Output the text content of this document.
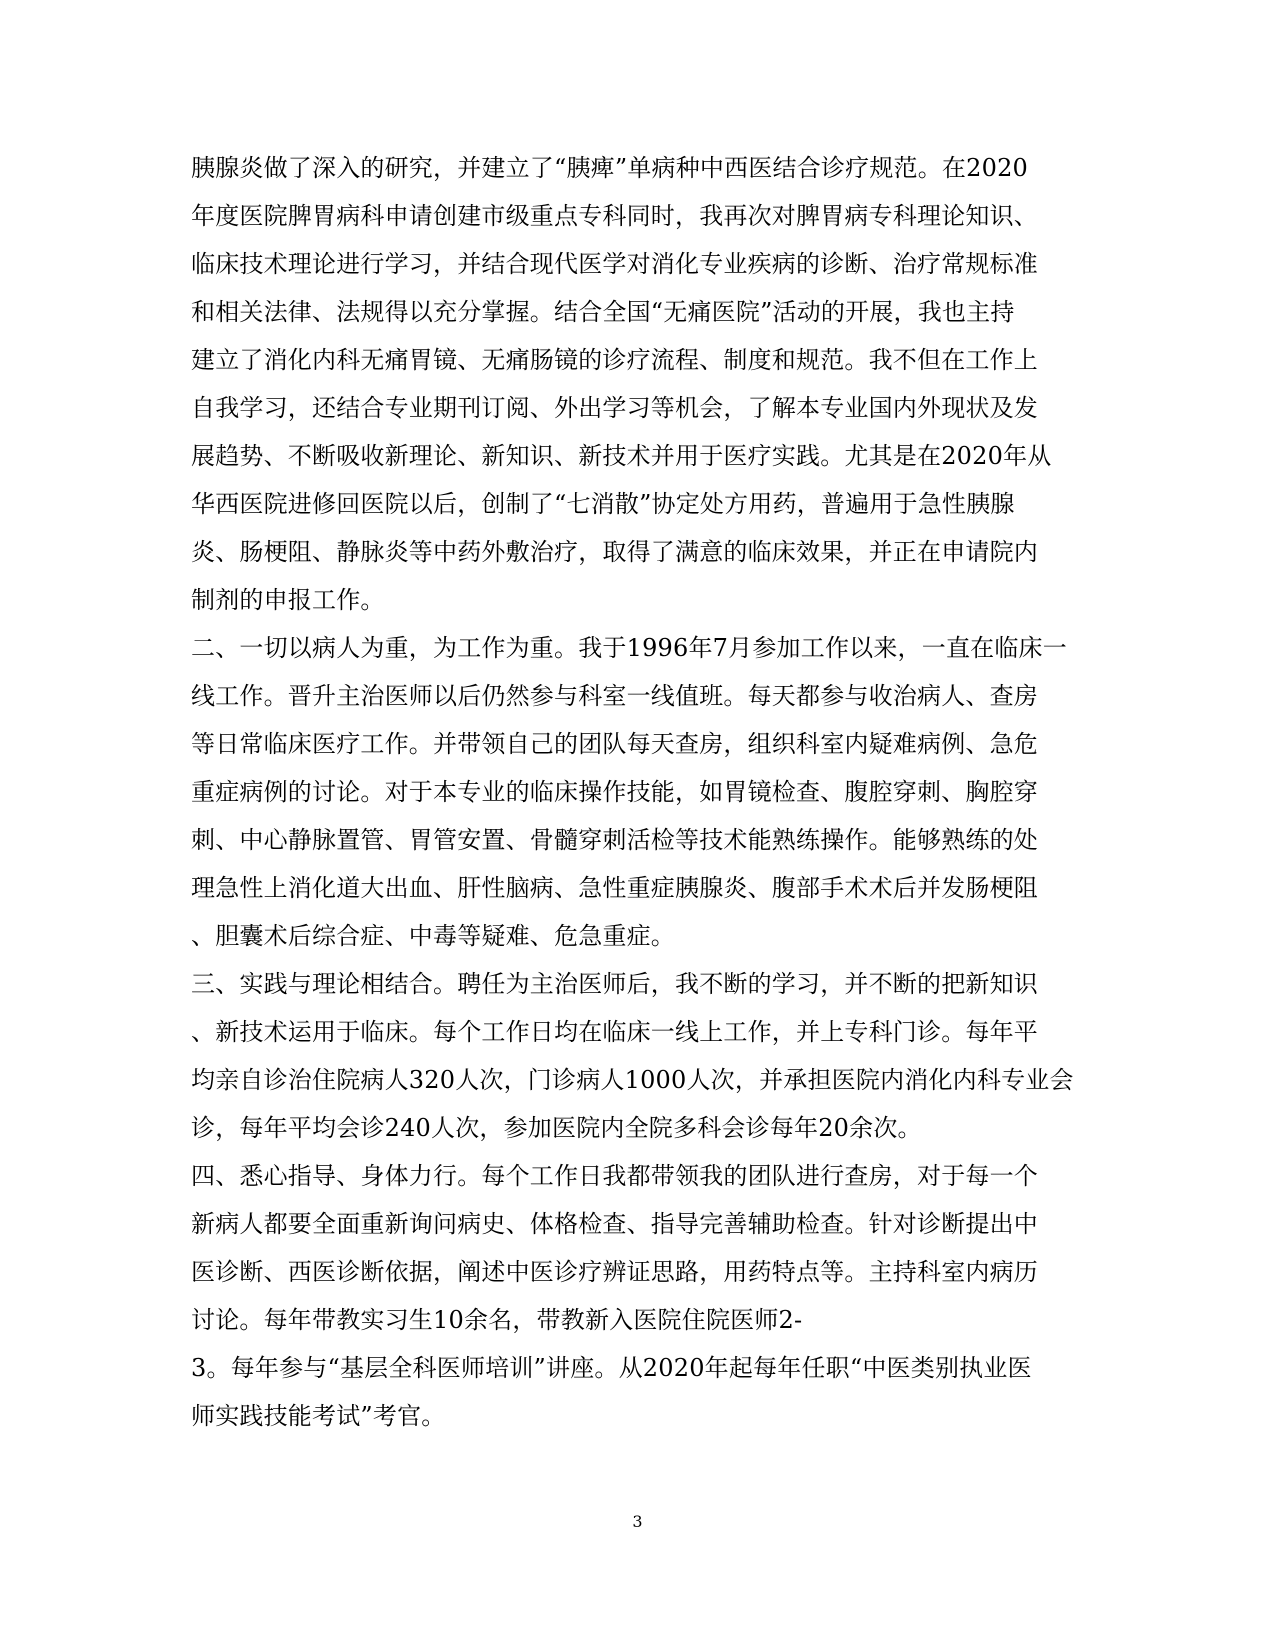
胰腺炎做了深入的研究，并建立了“胰痺”单病种中西医结合诊疗规范。在2020
年度医院脾胃病科申请创建市级重点专科同时，我再次对脾胃病专科理论知识、
临床技术理论进行学习，并结合现代医学对消化专业疾病的诊断、治疗常规标准
和相关法律、法规得以充分掌握。结合全国“无痛医院”活动的开展，我也主持
建立了消化内科无痛胃镜、无痛肠镜的诊疗流程、制度和规范。我不但在工作上
自我学习，还结合专业期刊订阅、外出学习等机会，了解本专业国内外现状及发
展趋势、不断吸收新理论、新知识、新技术并用于医疗实践。尤其是在2020年从
华西医院进修回医院以后，创制了“七消散”协定处方用药，普遍用于急性胰腺
炎、肠梗阻、静脉炎等中药外敷治疗，取得了满意的临床效果，并正在申请院内
制剂的申报工作。
二、一切以病人为重，为工作为重。我于1996年7月参加工作以来，一直在临床一
线工作。晋升主治医师以后仍然参与科室一线值班。每天都参与收治病人、查房
等日常临床医疗工作。并带领自己的团队每天查房，组织科室内疑难病例、急危
重症病例的讨论。对于本专业的临床操作技能，如胃镜检查、腹腔穿刺、胸腔穿
刺、中心静脉置管、胃管安置、骨髓穿刺活检等技术能熟练操作。能够熟练的处
理急性上消化道大出血、肝性脑病、急性重症胰腺炎、腹部手术术后并发肠梗阻
、胆囊术后综合症、中毒等疑难、危急重症。
三、实践与理论相结合。聘任为主治医师后，我不断的学习，并不断的把新知识
、新技术运用于临床。每个工作日均在临床一线上工作，并上专科门诊。每年平
均亲自诊治住院病人320人次，门诊病人1000人次，并承担医院内消化内科专业会
诊，每年平均会诊240人次，参加医院内全院多科会诊每年20余次。
四、悉心指导、身体力行。每个工作日我都带领我的团队进行查房，对于每一个
新病人都要全面重新询问病史、体格检查、指导完善辅助检查。针对诊断提出中
医诊断、西医诊断依据，阐述中医诊疗辨证思路，用药特点等。主持科室内病历
讨论。每年带教实习生10余名，带教新入医院住院医师2-
3。每年参与“基层全科医师培训”讲座。从2020年起每年任职“中医类别执业医
师实践技能考试”考官。
3
